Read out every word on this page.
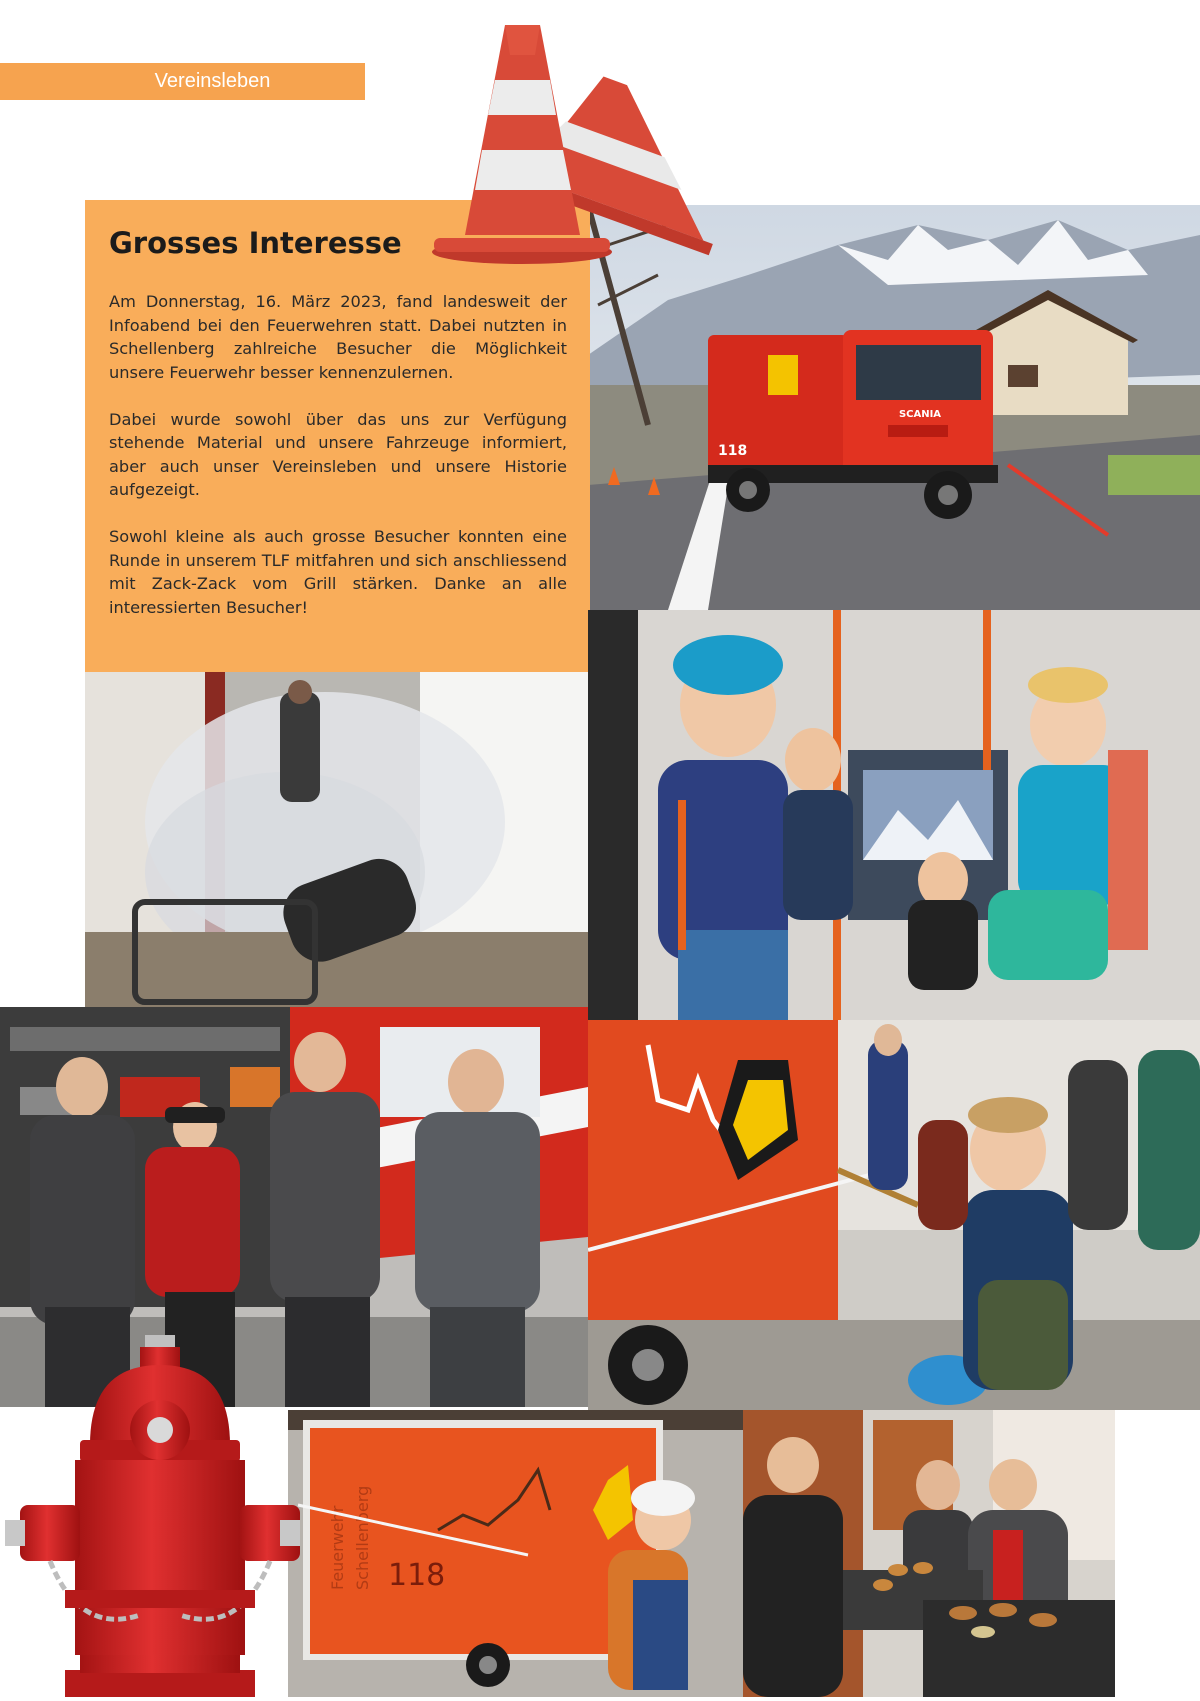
Vereinsleben
SCANIA
118
Grosses Interesse

Am Donnerstag, 16. März 2023, fand landesweit der Infoabend bei den Feuerwehren statt. Dabei nutzten in Schellenberg zahlreiche Besucher die Möglichkeit unsere Feuerwehr besser kennenzulernen.

Dabei wurde sowohl über das uns zur Verfügung stehende Material und unsere Fahrzeuge informiert, aber auch unser Vereinsleben und unsere Historie aufgezeigt.

Sowohl kleine als auch grosse Besucher konnten eine Runde in unserem TLF mitfahren und sich anschliessend mit Zack-Zack vom Grill stärken. Danke an alle interessierten Besucher!

Feuerwehr Schellenberg 118
